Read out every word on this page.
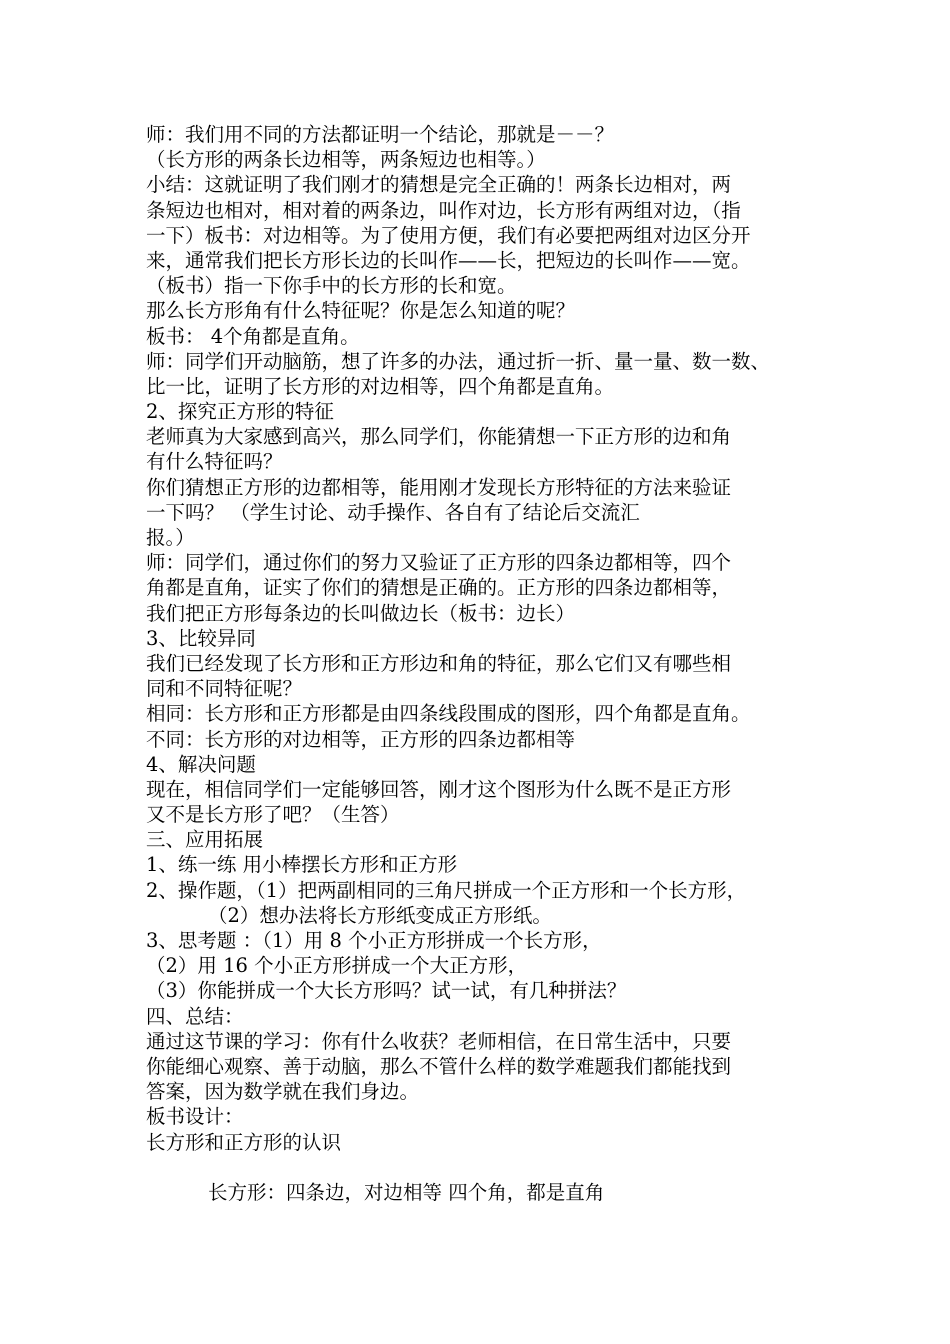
师：我们用不同的方法都证明一个结论，那就是－－？
（长方形的两条长边相等，两条短边也相等。）
小结：这就证明了我们刚才的猜想是完全正确的！两条长边相对，两
条短边也相对，相对着的两条边，叫作对边，长方形有两组对边，（指
一下）板书：对边相等。为了使用方便，我们有必要把两组对边区分开
来，通常我们把长方形长边的长叫作——长，把短边的长叫作——宽。
（板书）指一下你手中的长方形的长和宽。
那么长方形角有什么特征呢？你是怎么知道的呢？
板书： 4个角都是直角。
师：同学们开动脑筋，想了许多的办法，通过折一折、量一量、数一数、
比一比，证明了长方形的对边相等，四个角都是直角。
2、探究正方形的特征
老师真为大家感到高兴，那么同学们，你能猜想一下正方形的边和角
有什么特征吗？
你们猜想正方形的边都相等，能用刚才发现长方形特征的方法来验证
一下吗？ （学生讨论、动手操作、各自有了结论后交流汇
报。）
师：同学们，通过你们的努力又验证了正方形的四条边都相等，四个
角都是直角，证实了你们的猜想是正确的。正方形的四条边都相等，
我们把正方形每条边的长叫做边长（板书：边长）
3、比较异同
我们已经发现了长方形和正方形边和角的特征，那么它们又有哪些相
同和不同特征呢？
相同：长方形和正方形都是由四条线段围成的图形，四个角都是直角。
不同：长方形的对边相等，正方形的四条边都相等
4、解决问题
现在，相信同学们一定能够回答，刚才这个图形为什么既不是正方形
又不是长方形了吧？（生答）
三、应用拓展
1、练一练 用小棒摆长方形和正方形
2、操作题，（1）把两副相同的三角尺拼成一个正方形和一个长方形，
（2）想办法将长方形纸变成正方形纸。
3、思考题 ：（1）用 8 个小正方形拼成一个长方形，
（2）用 16 个小正方形拼成一个大正方形，
（3）你能拼成一个大长方形吗？试一试，有几种拼法？
四、总结：
通过这节课的学习：你有什么收获？老师相信，在日常生活中，只要
你能细心观察、善于动脑，那么不管什么样的数学难题我们都能找到
答案，因为数学就在我们身边。
板书设计：
长方形和正方形的认识
长方形：四条边，对边相等 四个角，都是直角
